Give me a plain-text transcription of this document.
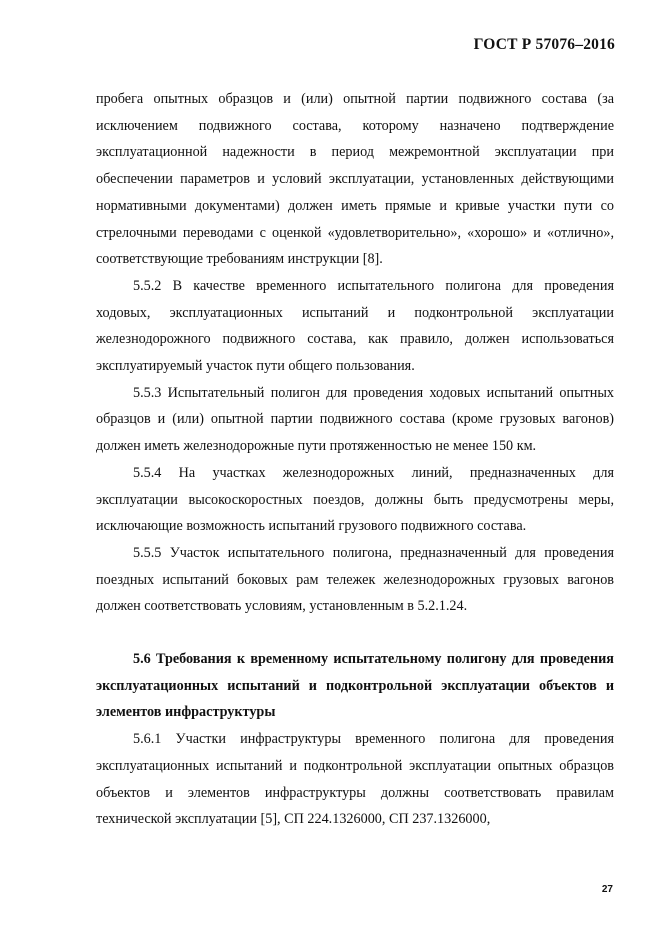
ГОСТ Р 57076–2016

пробега опытных образцов и (или) опытной партии подвижного состава (за исключением подвижного состава, которому назначено подтверждение эксплуатационной надежности в период межремонтной эксплуатации при обеспечении параметров и условий эксплуатации, установленных действующими нормативными документами) должен иметь прямые и кривые участки пути со стрелочными переводами с оценкой «удовлетворительно», «хорошо» и «отлично», соответствующие требованиям инструкции [8].

5.5.2 В качестве временного испытательного полигона для проведения ходовых, эксплуатационных испытаний и подконтрольной эксплуатации железнодорожного подвижного состава, как правило, должен использоваться эксплуатируемый участок пути общего пользования.

5.5.3 Испытательный полигон для проведения ходовых испытаний опытных образцов и (или) опытной партии подвижного состава (кроме грузовых вагонов) должен иметь железнодорожные пути протяженностью не менее 150 км.

5.5.4 На участках железнодорожных линий, предназначенных для эксплуатации высокоскоростных поездов, должны быть предусмотрены меры, исключающие возможность испытаний грузового подвижного состава.

5.5.5 Участок испытательного полигона, предназначенный для проведения поездных испытаний боковых рам тележек железнодорожных грузовых вагонов должен соответствовать условиям, установленным в 5.2.1.24.

5.6 Требования к временному испытательному полигону для проведения эксплуатационных испытаний и подконтрольной эксплуатации объектов и элементов инфраструктуры

5.6.1 Участки инфраструктуры временного полигона для проведения эксплуатационных испытаний и подконтрольной эксплуатации опытных образцов объектов и элементов инфраструктуры должны соответствовать правилам технической эксплуатации [5], СП 224.1326000, СП 237.1326000,

27
